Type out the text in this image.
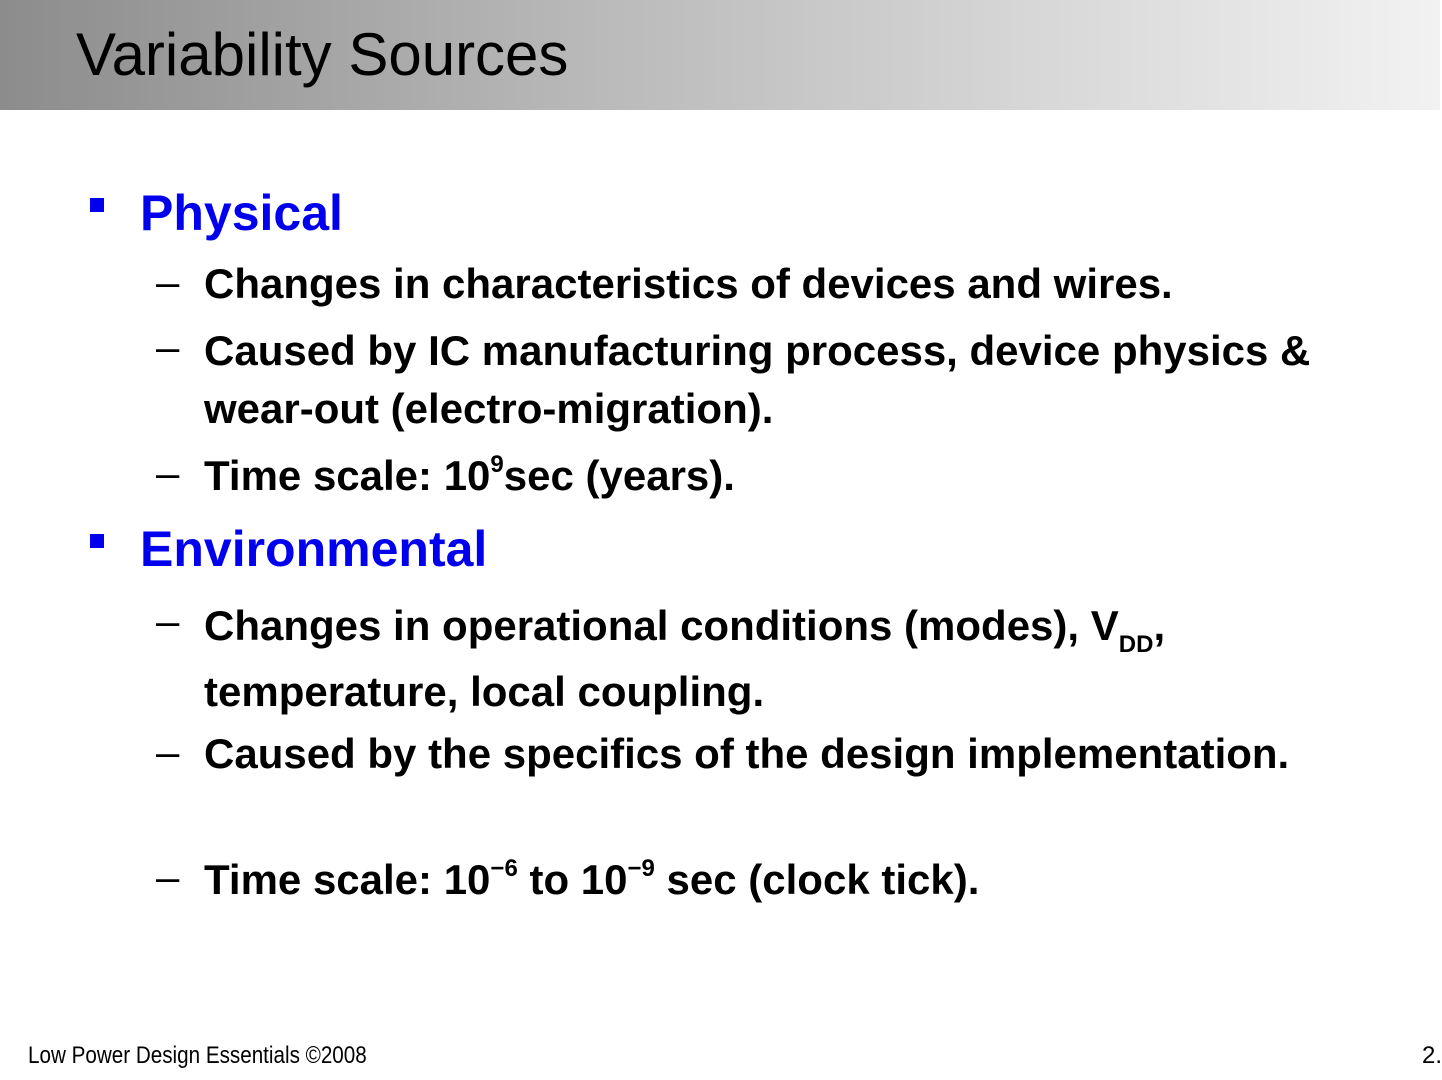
Variability Sources
Physical
– Changes in characteristics of devices and wires.
– Caused by IC manufacturing process, device physics & wear-out (electro-migration).
– Time scale: $10^9\sec$ (years).
Environmental
– Changes in operational conditions (modes), $V_{DD}$, temperature, local coupling.
– Caused by the specifics of the design implementation.
– Time scale: $10^{-6}$ to $10^{-9}$ sec (clock tick).
Low Power Design Essentials ©2008	2.
